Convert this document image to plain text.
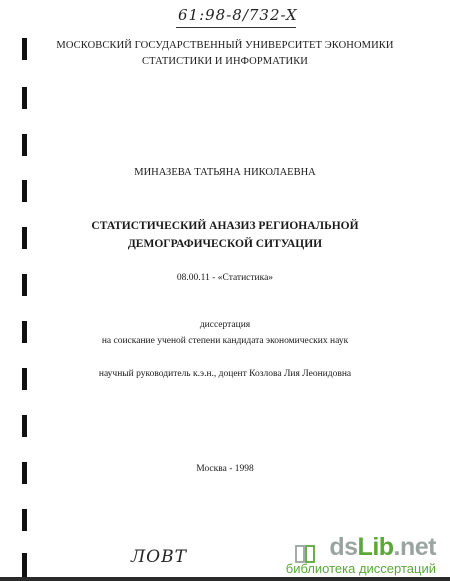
61:98-8/732-X
МОСКОВСКИЙ ГОСУДАРСТВЕННЫЙ УНИВЕРСИТЕТ ЭКОНОМИКИ
СТАТИСТИКИ И ИНФОРМАТИКИ
МИНАЗЕВА ТАТЬЯНА НИКОЛАЕВНА
СТАТИСТИЧЕСКИЙ АНАЗИЗ РЕГИОНАЛЬНОЙ
ДЕМОГРАФИЧЕСКОЙ СИТУАЦИИ
08.00.11 - «Статистика»
диссертация
на соискание ученой степени кандидата экономических наук
научный руководитель к.э.н., доцент Козлова Лия Леонидовна
Москва - 1998
ЛОВТ	dsLib.net
библиотека диссертаций
